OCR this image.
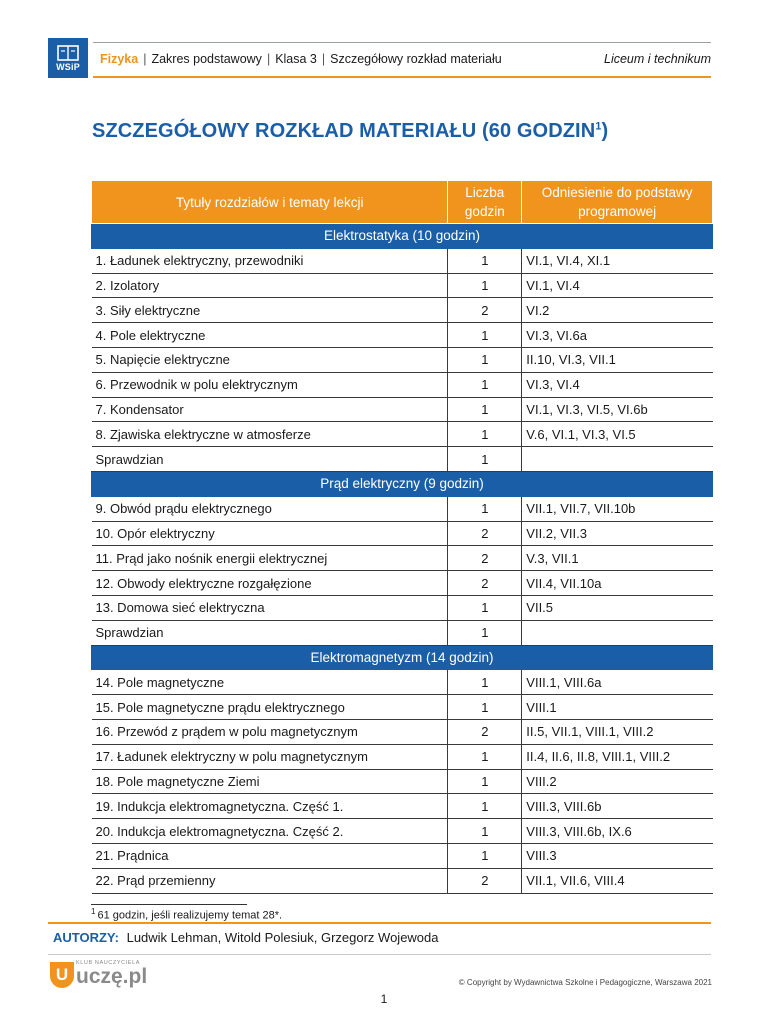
WSiP
Fizyka | Zakres podstawowy | Klasa 3 | Szczegółowy rozkład materiału	Liceum i technikum
SZCZEGÓŁOWY ROZKŁAD MATERIAŁU (60 GODZIN$^1$)
Tytuły rozdziałów i tematy lekcji	Liczba godzin	Odniesienie do podstawy programowej
Elektrostatyka (10 godzin)		
1. Ładunek elektryczny, przewodniki	1	VI.1, VI.4, XI.1
2. Izolatory	1	VI.1, VI.4
3. Siły elektryczne	2	VI.2
4. Pole elektryczne	1	VI.3, VI.6a
5. Napięcie elektryczne	1	II.10, VI.3, VII.1
6. Przewodnik w polu elektrycznym	1	VI.3, VI.4
7. Kondensator	1	VI.1, VI.3, VI.5, VI.6b
8. Zjawiska elektryczne w atmosferze	1	V.6, VI.1, VI.3, VI.5
Sprawdzian	1	
Prąd elektryczny (9 godzin)		
9. Obwód prądu elektrycznego	1	VII.1, VII.7, VII.10b
10. Opór elektryczny	2	VII.2, VII.3
11. Prąd jako nośnik energii elektrycznej	2	V.3, VII.1
12. Obwody elektryczne rozgałęzione	2	VII.4, VII.10a
13. Domowa sieć elektryczna	1	VII.5
Sprawdzian	1	
Elektromagnetyzm (14 godzin)		
14. Pole magnetyczne	1	VIII.1, VIII.6a
15. Pole magnetyczne prądu elektrycznego	1	VIII.1
16. Przewód z prądem w polu magnetycznym	2	II.5, VII.1, VIII.1, VIII.2
17. Ładunek elektryczny w polu magnetycznym	1	II.4, II.6, II.8, VIII.1, VIII.2
18. Pole magnetyczne Ziemi	1	VIII.2
19. Indukcja elektromagnetyczna. Część 1.	1	VIII.3, VIII.6b
20. Indukcja elektromagnetyczna. Część 2.	1	VIII.3, VIII.6b, IX.6
21. Prądnica	1	VIII.3
22. Prąd przemienny	2	VII.1, VII.6, VIII.4
$^1$ 61 godzin, jeśli realizujemy temat 28*.
AUTORZY: Ludwik Lehman, Witold Polesiuk, Grzegorz Wojewoda
U
KLUB NAUCZYCIELA
uczę.pl	© Copyright by Wydawnictwa Szkolne i Pedagogiczne, Warszawa 2021
1
